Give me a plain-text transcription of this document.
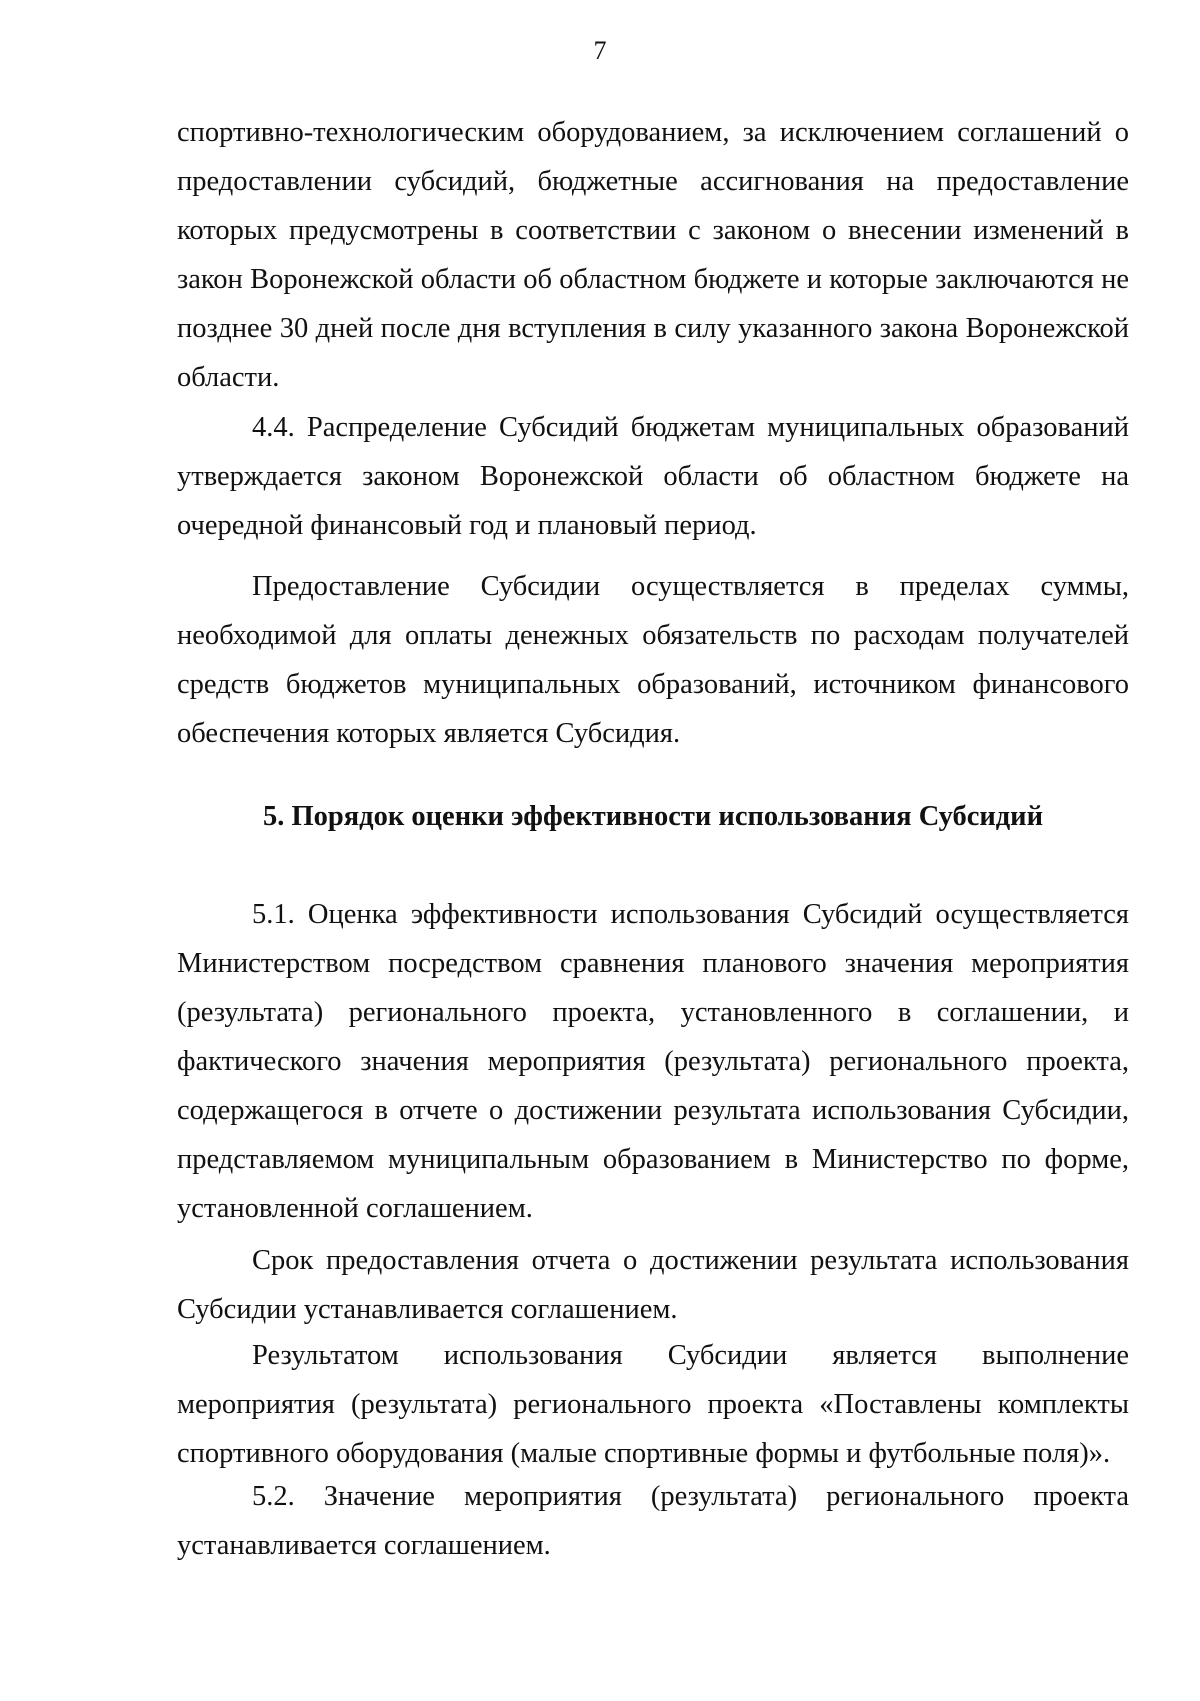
7

спортивно-технологическим оборудованием, за исключением соглашений о предоставлении субсидий, бюджетные ассигнования на предоставление которых предусмотрены в соответствии с законом о внесении изменений в закон Воронежской области об областном бюджете и которые заключаются не позднее 30 дней после дня вступления в силу указанного закона Воронежской области.

4.4. Распределение Субсидий бюджетам муниципальных образований утверждается законом Воронежской области об областном бюджете на очередной финансовый год и плановый период.

Предоставление Субсидии осуществляется в пределах суммы, необходимой для оплаты денежных обязательств по расходам получателей средств бюджетов муниципальных образований, источником финансового обеспечения которых является Субсидия.

5. Порядок оценки эффективности использования Субсидий

5.1. Оценка эффективности использования Субсидий осуществляется Министерством посредством сравнения планового значения мероприятия (результата) регионального проекта, установленного в соглашении, и фактического значения мероприятия (результата) регионального проекта, содержащегося в отчете о достижении результата использования Субсидии, представляемом муниципальным образованием в Министерство по форме, установленной соглашением.

Срок предоставления отчета о достижении результата использования Субсидии устанавливается соглашением.

Результатом использования Субсидии является выполнение мероприятия (результата) регионального проекта «Поставлены комплекты спортивного оборудования (малые спортивные формы и футбольные поля)».

5.2. Значение мероприятия (результата) регионального проекта устанавливается соглашением.
